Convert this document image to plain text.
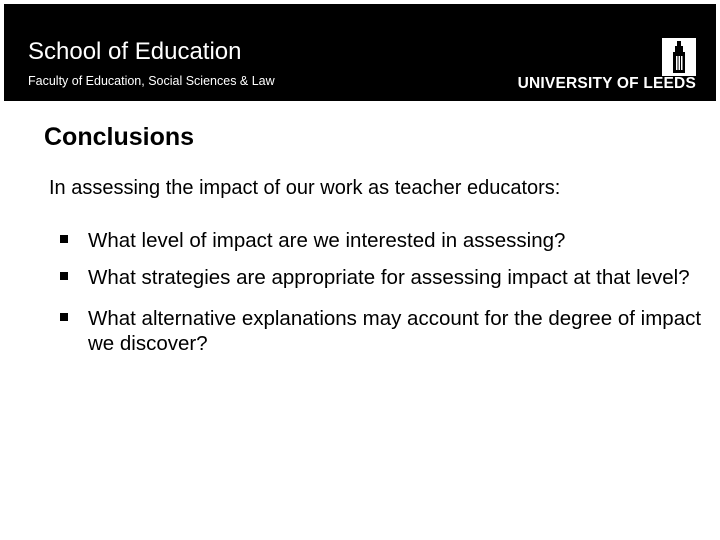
School of Education
Faculty of Education, Social Sciences & Law	UNIVERSITY OF LEEDS
Conclusions
In assessing the impact of our work as teacher educators:
What level of impact are we interested in assessing?
What strategies are appropriate for assessing impact at that level?
What alternative explanations may account for the degree of impact we discover?
